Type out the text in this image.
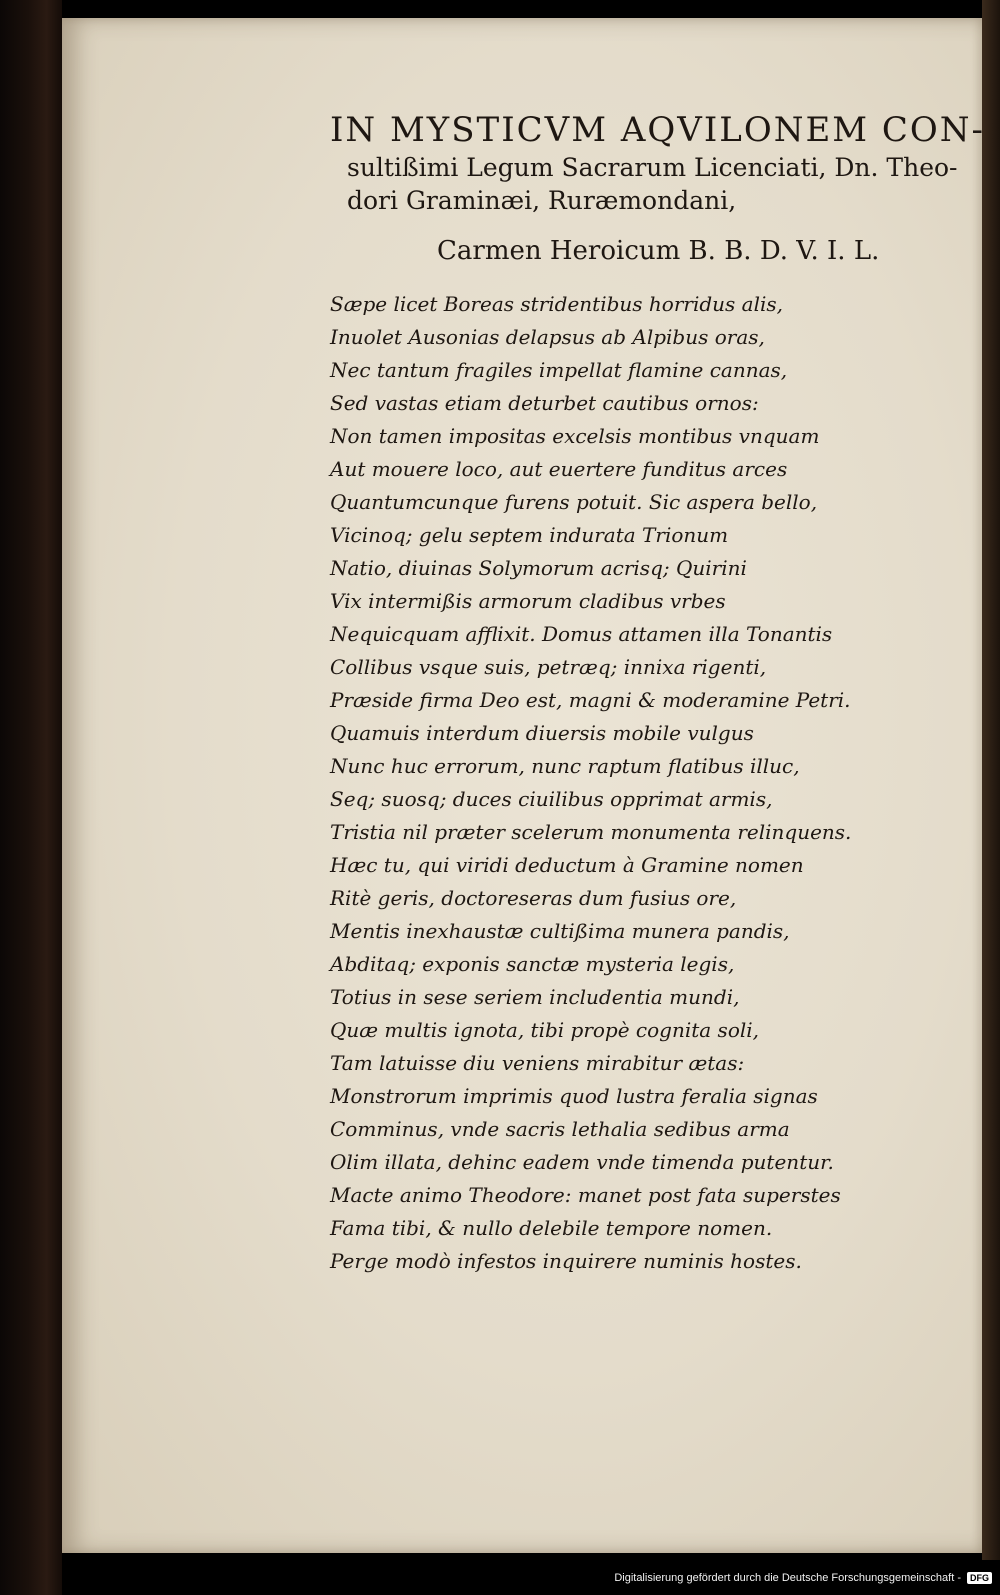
IN MYSTICVM AQVILONEM CON-
sultißimi Legum Sacrarum Licenciati, Dn. Theo-
dori Graminæi, Ruræmondani,
Carmen Heroicum B. B. D. V. I. L.
Sæpe licet Boreas stridentibus horridus alis,
Inuolet Ausonias delapsus ab Alpibus oras,
Nec tantum fragiles impellat flamine cannas,
Sed vastas etiam deturbet cautibus ornos:
Non tamen impositas excelsis montibus vnquam
Aut mouere loco, aut euertere funditus arces
Quantumcunque furens potuit. Sic aspera bello,
Vicinoq; gelu septem indurata Trionum
Natio, diuinas Solymorum acrisq; Quirini
Vix intermißis armorum cladibus vrbes
Nequicquam afflixit. Domus attamen illa Tonantis
Collibus vsque suis, petræq; innixa rigenti,
Præside firma Deo est, magni & moderamine Petri.
Quamuis interdum diuersis mobile vulgus
Nunc huc errorum, nunc raptum flatibus illuc,
Seq; suosq; duces ciuilibus opprimat armis,
Tristia nil præter scelerum monumenta relinquens.
Hæc tu, qui viridi deductum à Gramine nomen
Ritè geris, doctoreseras dum fusius ore,
Mentis inexhaustæ cultißima munera pandis,
Abditaq; exponis sanctæ mysteria legis,
Totius in sese seriem includentia mundi,
Quæ multis ignota, tibi propè cognita soli,
Tam latuisse diu veniens mirabitur ætas:
Monstrorum imprimis quod lustra feralia signas
Comminus, vnde sacris lethalia sedibus arma
Olim illata, dehinc eadem vnde timenda putentur.
Macte animo Theodore: manet post fata superstes
Fama tibi, & nullo delebile tempore nomen.
Perge modò infestos inquirere numinis hostes.
Digitalisierung gefördert durch die Deutsche Forschungsgemeinschaft -	DFG
